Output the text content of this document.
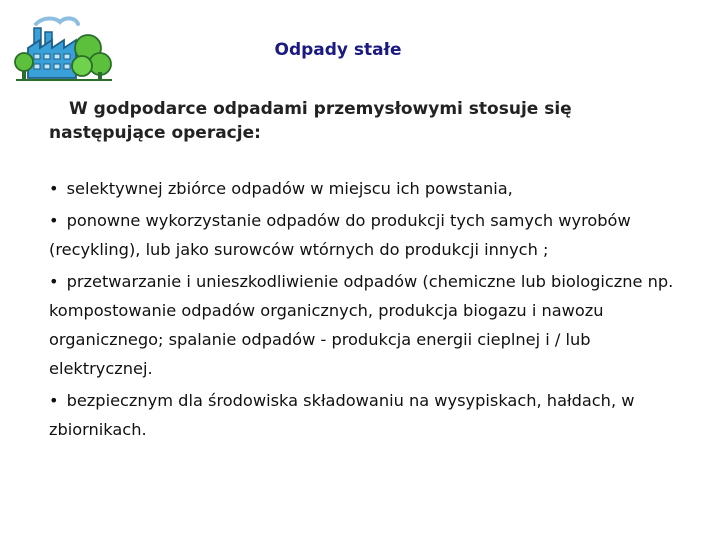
Odpady stałe
W godpodarce odpadami przemysłowymi stosuje się następujące operacje:
• selektywnej zbiórce odpadów w miejscu ich powstania,
• ponowne wykorzystanie odpadów do produkcji tych samych wyrobów (recykling), lub jako surowców wtórnych do produkcji innych ;
• przetwarzanie i unieszkodliwienie odpadów (chemiczne lub biologiczne np. kompostowanie odpadów organicznych, produkcja biogazu i nawozu organicznego; spalanie odpadów - produkcja energii cieplnej i / lub elektrycznej.
• bezpiecznym dla środowiska składowaniu na wysypiskach, hałdach, w zbiornikach.
